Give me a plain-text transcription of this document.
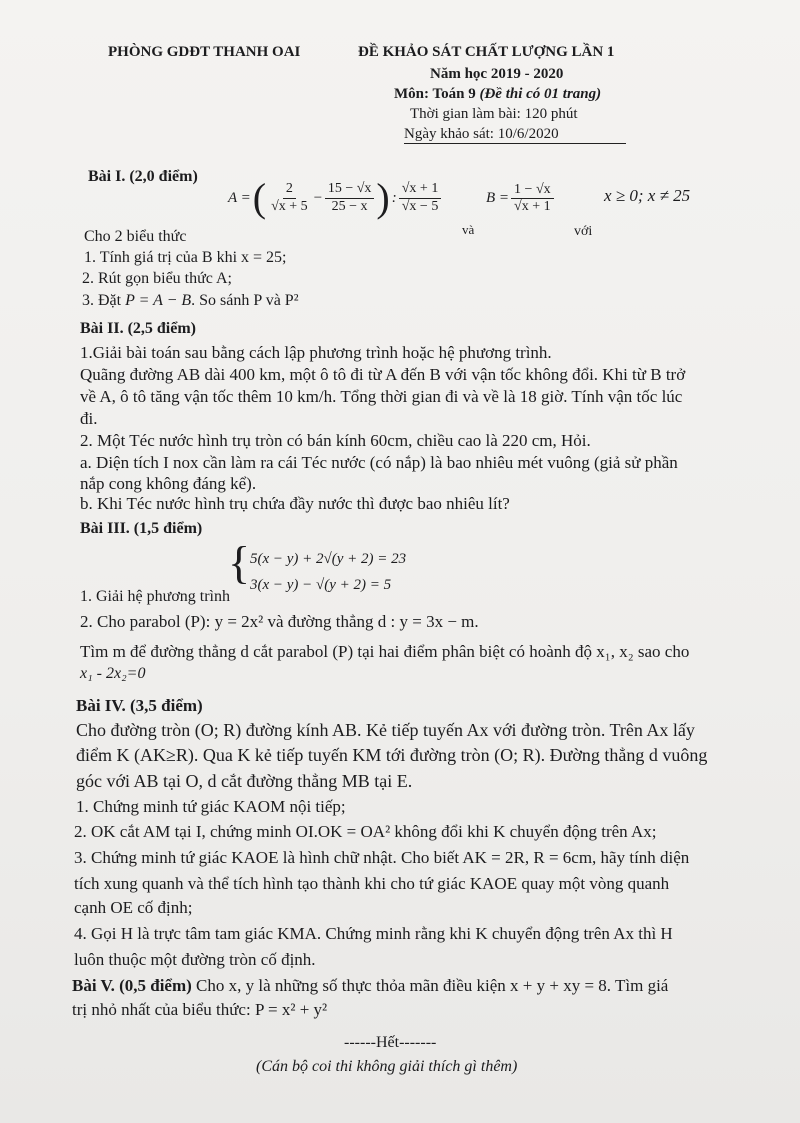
PHÒNG GDĐT THANH OAI	ĐỀ KHẢO SÁT CHẤT LƯỢNG LẦN 1
Năm học 2019 - 2020
Môn: Toán 9 (Đề thi có 01 trang)
Thời gian làm bài: 120 phút
Ngày khảo sát: 10/6/2020
Bài I. (2,0 điểm)
A = ( $\frac{2}{√x + 5} - \frac{15 - √x}{25 - x}$ ) : $\frac{√x + 1}{√x - 5}$
và
$B = \frac{1 - √x}{√x + 1}$
với
x ≥ 0; x ≠ 25
Cho 2 biểu thức
1. Tính giá trị của B khi x = 25;
2. Rút gọn biểu thức A;
3. Đặt P = A − B. So sánh P và P²
Bài II. (2,5 điểm)
1.Giải bài toán sau bằng cách lập phương trình hoặc hệ phương trình.
Quãng đường AB dài 400 km, một ô tô đi từ A đến B với vận tốc không đổi. Khi từ B trở
về A, ô tô tăng vận tốc thêm 10 km/h. Tổng thời gian đi và về là 18 giờ. Tính vận tốc lúc
đi.
2. Một Téc nước hình trụ tròn có bán kính 60cm, chiều cao là 220 cm, Hỏi.
a. Diện tích I nox cần làm ra cái Téc nước (có nắp) là bao nhiêu mét vuông (giả sử phần
nắp cong không đáng kể).
b. Khi Téc nước hình trụ chứa đầy nước thì được bao nhiêu lít?
Bài III. (1,5 điểm)
{ 5(x − y) + 2√(y + 2) = 23
3(x − y) − √(y + 2) = 5
1. Giải hệ phương trình
2. Cho parabol (P): y = 2x² và đường thẳng d : y = 3x − m.
Tìm m để đường thẳng d cắt parabol (P) tại hai điểm phân biệt có hoành độ x₁, x₂ sao cho
x₁ - 2x₂=0
Bài IV. (3,5 điểm)
Cho đường tròn (O; R) đường kính AB. Kẻ tiếp tuyến Ax với đường tròn. Trên Ax lấy
điểm K (AK≥R). Qua K kẻ tiếp tuyến KM tới đường tròn (O; R). Đường thẳng d vuông
góc với AB tại O, d cắt đường thẳng MB tại E.
1. Chứng minh tứ giác KAOM nội tiếp;
2. OK cắt AM tại I, chứng minh OI.OK = OA² không đổi khi K chuyển động trên Ax;
3. Chứng minh tứ giác KAOE là hình chữ nhật. Cho biết AK = 2R, R = 6cm, hãy tính diện
tích xung quanh và thể tích hình tạo thành khi cho tứ giác KAOE quay một vòng quanh
cạnh OE cố định;
4. Gọi H là trực tâm tam giác KMA. Chứng minh rằng khi K chuyển động trên Ax thì H
luôn thuộc một đường tròn cố định.
Bài V. (0,5 điểm) Cho x, y là những số thực thỏa mãn điều kiện x + y + xy = 8. Tìm giá
trị nhỏ nhất của biểu thức: P = x² + y²
------Hết-------
(Cán bộ coi thi không giải thích gì thêm)
